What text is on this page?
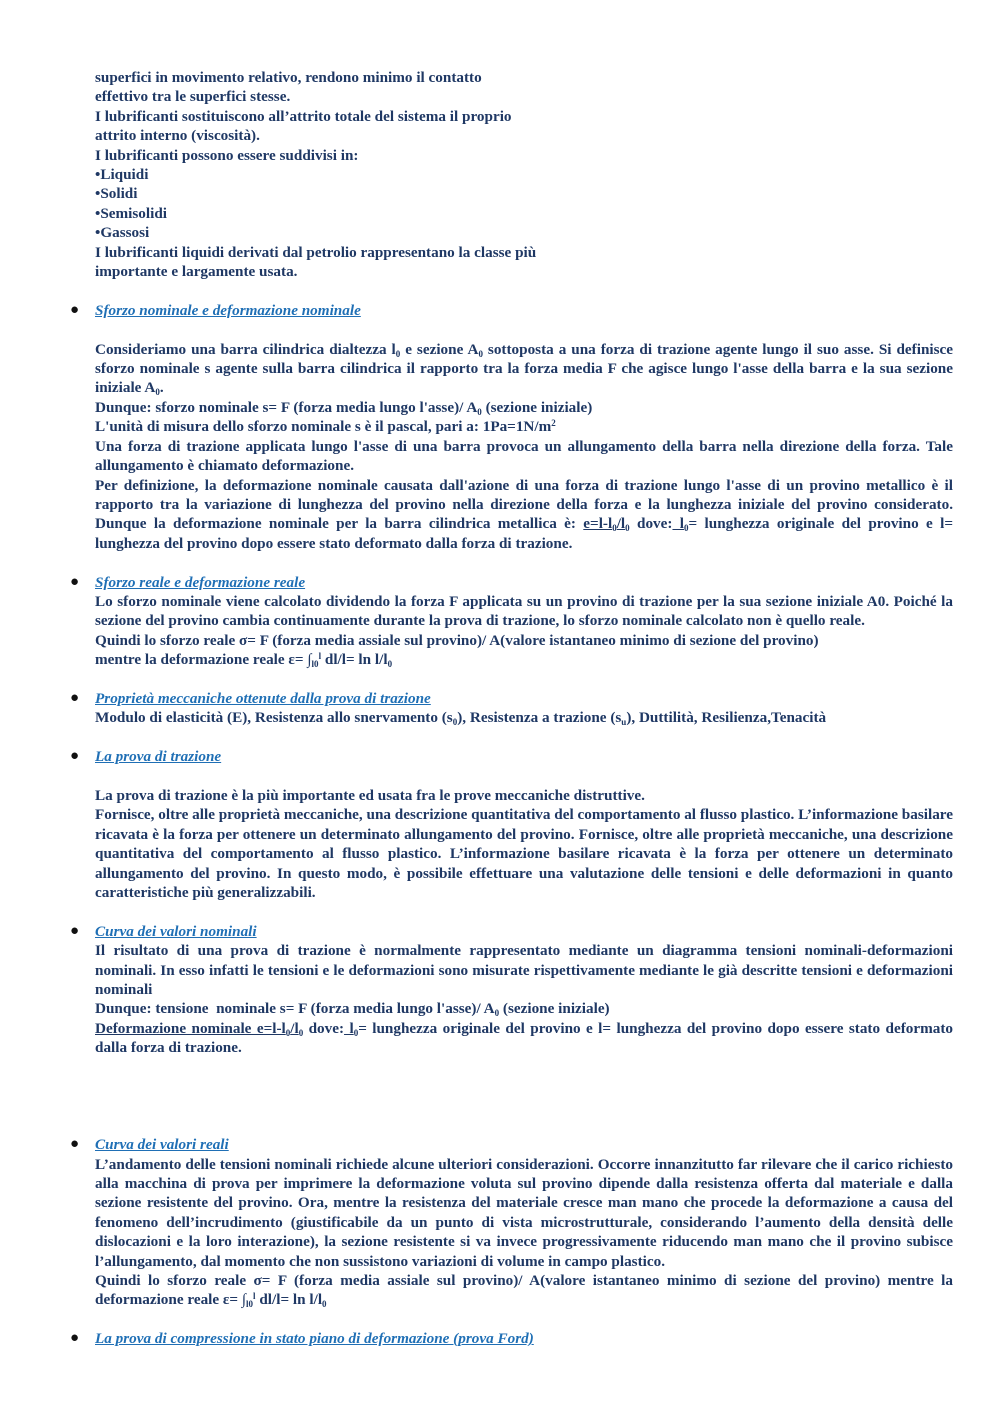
superfici in movimento relativo, rendono minimo il contatto

effettivo tra le superfici stesse.

I lubrificanti sostituiscono all’attrito totale del sistema il proprio

attrito interno (viscosità).

I lubrificanti possono essere suddivisi in:

•Liquidi

•Solidi

•Semisolidi

•Gassosi

I lubrificanti liquidi derivati dal petrolio rappresentano la classe più

importante e largamente usata.

● Sforzo nominale e deformazione nominale

Consideriamo una barra cilindrica dialtezza $l_0$ e sezione $A_0$ sottoposta a una forza di trazione agente lungo il suo asse. Si definisce sforzo nominale s agente sulla barra cilindrica il rapporto tra la forza media F che agisce lungo l'asse della barra e la sua sezione iniziale $A_0$.
Dunque: sforzo nominale s= F (forza media lungo l'asse)/ $A_0$ (sezione iniziale)
L'unità di misura dello sforzo nominale s è il pascal, pari a: $1Pa=1N/m^2$
Una forza di trazione applicata lungo l'asse di una barra provoca un allungamento della barra nella direzione della forza. Tale allungamento è chiamato deformazione.
Per definizione, la deformazione nominale causata dall'azione di una forza di trazione lungo l'asse di un provino metallico è il rapporto tra la variazione di lunghezza del provino nella direzione della forza e la lunghezza iniziale del provino considerato. Dunque la deformazione nominale per la barra cilindrica metallica è: $e=l-l_0/l_0$ dove: $l_0=$ lunghezza originale del provino e l= lunghezza del provino dopo essere stato deformato dalla forza di trazione.

● Sforzo reale e deformazione reale

Lo sforzo nominale viene calcolato dividendo la forza F applicata su un provino di trazione per la sua sezione iniziale A0. Poiché la sezione del provino cambia continuamente durante la prova di trazione, lo sforzo nominale calcolato non è quello reale.
Quindi lo sforzo reale σ= F (forza media assiale sul provino)/ A(valore istantaneo minimo di sezione del provino)
mentre la deformazione reale $\varepsilon= \int_{l0}^l$ $dl/l= \ln l/l_0$

● Proprietà meccaniche ottenute dalla prova di trazione

Modulo di elasticità (E), Resistenza allo snervamento $(s_0)$, Resistenza a trazione $(s_u)$, Duttilità, Resilienza,Tenacità

● La prova di trazione

La prova di trazione è la più importante ed usata fra le prove meccaniche distruttive.
Fornisce, oltre alle proprietà meccaniche, una descrizione quantitativa del comportamento al flusso plastico. L’informazione basilare ricavata è la forza per ottenere un determinato allungamento del provino. Fornisce, oltre alle proprietà meccaniche, una descrizione quantitativa del comportamento al flusso plastico. L’informazione basilare ricavata è la forza per ottenere un determinato allungamento del provino. In questo modo, è possibile effettuare una valutazione delle tensioni e delle deformazioni in quanto caratteristiche più generalizzabili.

● Curva dei valori nominali

Il risultato di una prova di trazione è normalmente rappresentato mediante un diagramma tensioni nominali-deformazioni nominali. In esso infatti le tensioni e le deformazioni sono misurate rispettivamente mediante le già descritte tensioni e deformazioni nominali
Dunque: tensione  nominale s= F (forza media lungo l'asse)/ $A_0$ (sezione iniziale)
Deformazione nominale $e=l-l_0/l_0$ dove: $l_0=$ lunghezza originale del provino e l= lunghezza del provino dopo essere stato deformato dalla forza di trazione.

● Curva dei valori reali

L’andamento delle tensioni nominali richiede alcune ulteriori considerazioni. Occorre innanzitutto far rilevare che il carico richiesto alla macchina di prova per imprimere la deformazione voluta sul provino dipende dalla resistenza offerta dal materiale e dalla sezione resistente del provino. Ora, mentre la resistenza del materiale cresce man mano che procede la deformazione a causa del fenomeno dell’incrudimento (giustificabile da un punto di vista microstrutturale, considerando l’aumento della densità delle dislocazioni e la loro interazione), la sezione resistente si va invece progressivamente riducendo man mano che il provino subisce l’allungamento, dal momento che non sussistono variazioni di volume in campo plastico.
Quindi lo sforzo reale σ= F (forza media assiale sul provino)/ A(valore istantaneo minimo di sezione del provino) mentre la deformazione reale $\varepsilon= \int_{l0}^l$ $dl/l= \ln l/l_0$

● La prova di compressione in stato piano di deformazione (prova Ford)
